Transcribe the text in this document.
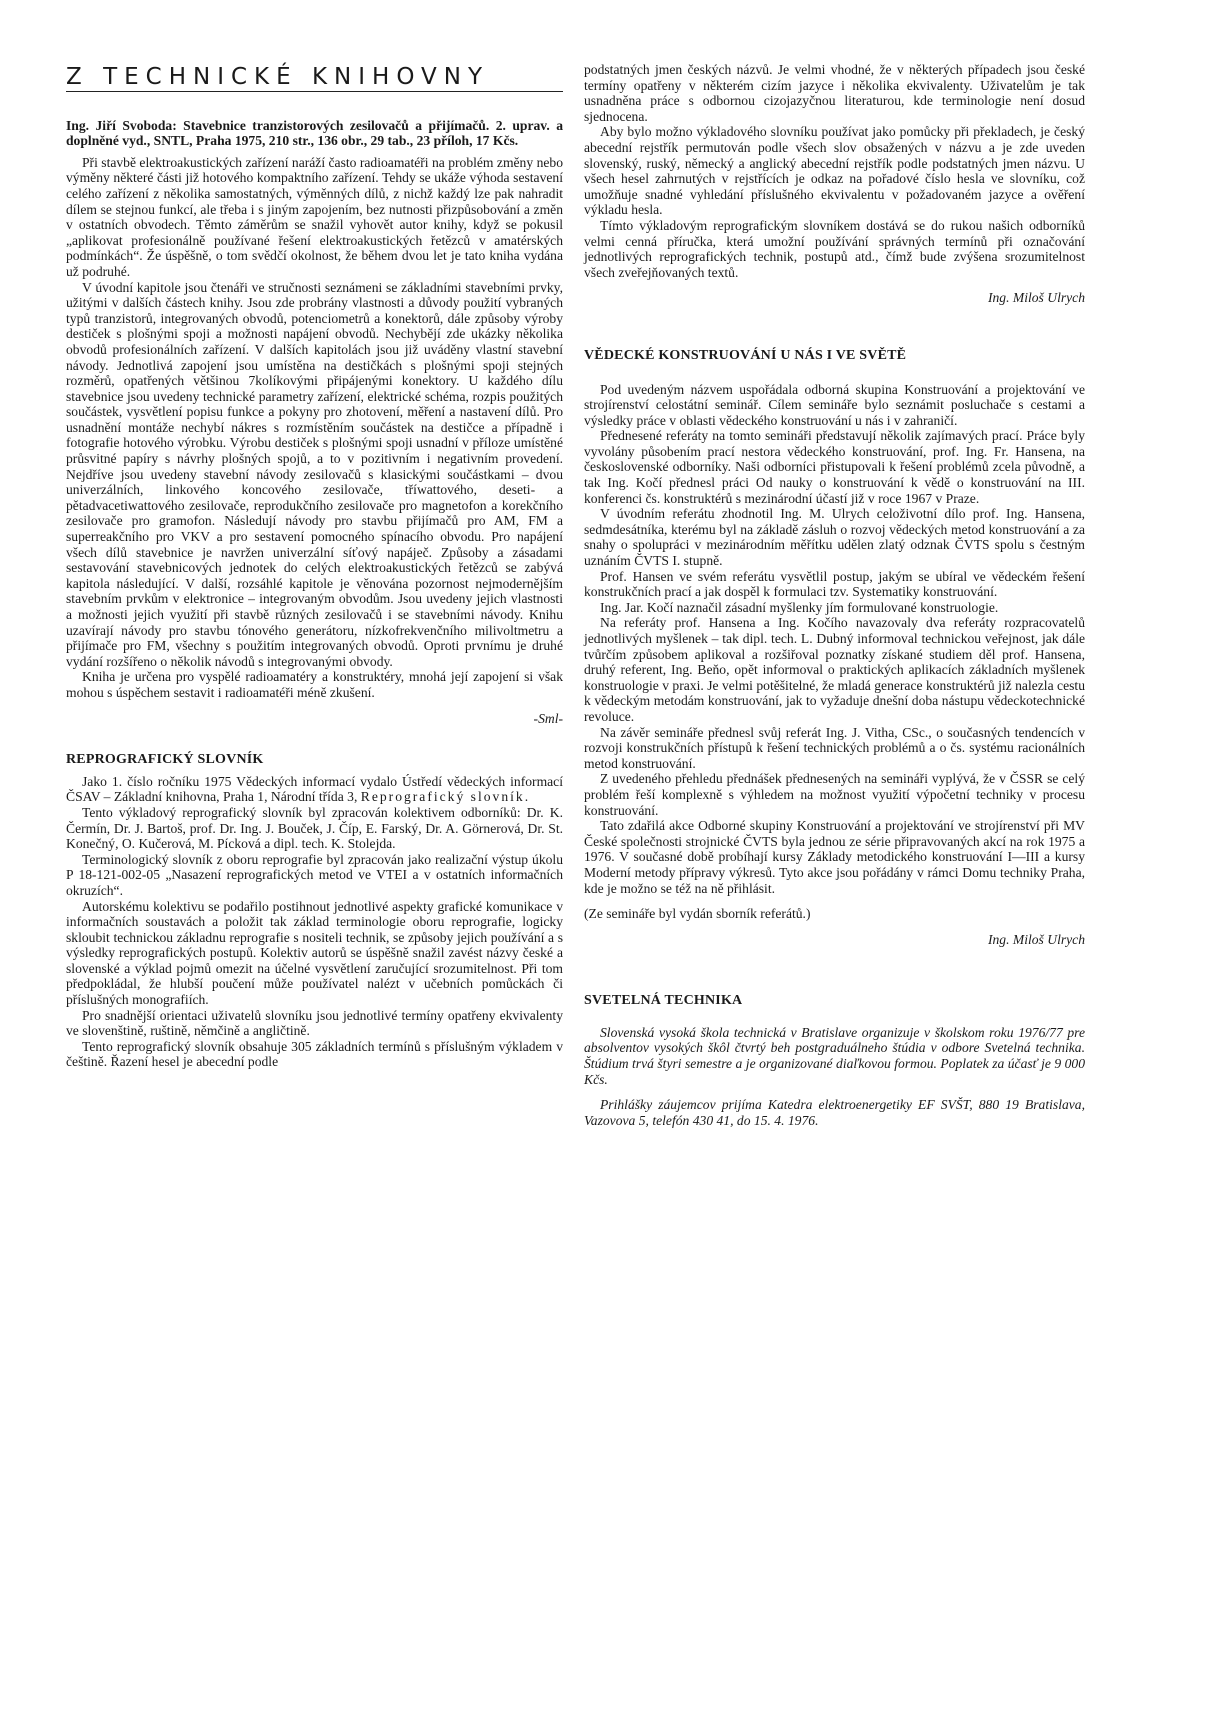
Z TECHNICKÉ KNIHOVNY

Ing. Jiří Svoboda: Stavebnice tranzistorových zesilovačů a přijímačů. 2. uprav. a doplněné vyd., SNTL, Praha 1975, 210 str., 136 obr., 29 tab., 23 příloh, 17 Kčs.

Při stavbě elektroakustických zařízení naráží často radioamatéři na problém změny nebo výměny některé části již hotového kompaktního zařízení. Tehdy se ukáže výhoda sestavení celého zařízení z několika samostatných, výměnných dílů, z nichž každý lze pak nahradit dílem se stejnou funkcí, ale třeba i s jiným zapojením, bez nutnosti přizpůsobování a změn v ostatních obvodech. Těmto záměrům se snažil vyhovět autor knihy, když se pokusil „aplikovat profesionálně používané řešení elektroakustických řetězců v amatérských podmínkách“. Že úspěšně, o tom svědčí okolnost, že během dvou let je tato kniha vydána už podruhé.

V úvodní kapitole jsou čtenáři ve stručnosti seznámeni se základními stavebními prvky, užitými v dalších částech knihy. Jsou zde probrány vlastnosti a důvody použití vybraných typů tranzistorů, integrovaných obvodů, potenciometrů a konektorů, dále způsoby výroby destiček s plošnými spoji a možnosti napájení obvodů. Nechybějí zde ukázky několika obvodů profesionálních zařízení. V dalších kapitolách jsou již uváděny vlastní stavební návody. Jednotlivá zapojení jsou umístěna na destičkách s plošnými spoji stejných rozměrů, opatřených většinou 7kolíkovými připájenými konektory. U každého dílu stavebnice jsou uvedeny technické parametry zařízení, elektrické schéma, rozpis použitých součástek, vysvětlení popisu funkce a pokyny pro zhotovení, měření a nastavení dílů. Pro usnadnění montáže nechybí nákres s rozmístěním součástek na destičce a případně i fotografie hotového výrobku. Výrobu destiček s plošnými spoji usnadní v příloze umístěné průsvitné papíry s návrhy plošných spojů, a to v pozitivním i negativním provedení. Nejdříve jsou uvedeny stavební návody zesilovačů s klasickými součástkami – dvou univerzálních, linkového koncového zesilovače, tříwattového, deseti- a pětadvacetiwattového zesilovače, reprodukčního zesilovače pro magnetofon a korekčního zesilovače pro gramofon. Následují návody pro stavbu přijímačů pro AM, FM a superreakčního pro VKV a pro sestavení pomocného spínacího obvodu. Pro napájení všech dílů stavebnice je navržen univerzální síťový napáječ. Způsoby a zásadami sestavování stavebnicových jednotek do celých elektroakustických řetězců se zabývá kapitola následující. V další, rozsáhlé kapitole je věnována pozornost nejmodernějším stavebním prvkům v elektronice – integrovaným obvodům. Jsou uvedeny jejich vlastnosti a možnosti jejich využití při stavbě různých zesilovačů i se stavebními návody. Knihu uzavírají návody pro stavbu tónového generátoru, nízkofrekvenčního milivoltmetru a přijímače pro FM, všechny s použitím integrovaných obvodů. Oproti prvnímu je druhé vydání rozšířeno o několik návodů s integrovanými obvody.

Kniha je určena pro vyspělé radioamatéry a konstruktéry, mnohá její zapojení si však mohou s úspěchem sestavit i radioamatéři méně zkušení.

-Sml-
REPROGRAFICKÝ SLOVNÍK

Jako 1. číslo ročníku 1975 Vědeckých informací vydalo Ústředí vědeckých informací ČSAV – Základní knihovna, Praha 1, Národní třída 3, Reprografický slovník.

Tento výkladový reprografický slovník byl zpracován kolektivem odborníků: Dr. K. Čermín, Dr. J. Bartoš, prof. Dr. Ing. J. Bouček, J. Číp, E. Farský, Dr. A. Görnerová, Dr. St. Konečný, O. Kučerová, M. Pícková a dipl. tech. K. Stolejda.

Terminologický slovník z oboru reprografie byl zpracován jako realizační výstup úkolu P 18-121-002-05 „Nasazení reprografických metod ve VTEI a v ostatních informačních okruzích“.

Autorskému kolektivu se podařilo postihnout jednotlivé aspekty grafické komunikace v informačních soustavách a položit tak základ terminologie oboru reprografie, logicky skloubit technickou základnu reprografie s nositeli technik, se způsoby jejich používání a s výsledky reprografických postupů. Kolektiv autorů se úspěšně snažil zavést názvy české a slovenské a výklad pojmů omezit na účelné vysvětlení zaručující srozumitelnost. Při tom předpokládal, že hlubší poučení může používatel nalézt v učebních pomůckách či příslušných monografiích.

Pro snadnější orientaci uživatelů slovníku jsou jednotlivé termíny opatřeny ekvivalenty ve slovenštině, ruštině, němčině a angličtině.

Tento reprografický slovník obsahuje 305 základních termínů s příslušným výkladem v češtině. Řazení hesel je abecední podle

podstatných jmen českých názvů. Je velmi vhodné, že v některých případech jsou české termíny opatřeny v některém cizím jazyce i několika ekvivalenty. Uživatelům je tak usnadněna práce s odbornou cizojazyčnou literaturou, kde terminologie není dosud sjednocena.

Aby bylo možno výkladového slovníku používat jako pomůcky při překladech, je český abecední rejstřík permutován podle všech slov obsažených v názvu a je zde uveden slovenský, ruský, německý a anglický abecední rejstřík podle podstatných jmen názvu. U všech hesel zahrnutých v rejstřících je odkaz na pořadové číslo hesla ve slovníku, což umožňuje snadné vyhledání příslušného ekvivalentu v požadovaném jazyce a ověření výkladu hesla.

Tímto výkladovým reprografickým slovníkem dostává se do rukou našich odborníků velmi cenná příručka, která umožní používání správných termínů při označování jednotlivých reprografických technik, postupů atd., čímž bude zvýšena srozumitelnost všech zveřejňovaných textů.

Ing. Miloš Ulrych
VĚDECKÉ KONSTRUOVÁNÍ U NÁS I VE SVĚTĚ

Pod uvedeným názvem uspořádala odborná skupina Konstruování a projektování ve strojírenství celostátní seminář. Cílem semináře bylo seznámit posluchače s cestami a výsledky práce v oblasti vědeckého konstruování u nás i v zahraničí.

Přednesené referáty na tomto semináři představují několik zajímavých prací. Práce byly vyvolány působením prací nestora vědeckého konstruování, prof. Ing. Fr. Hansena, na československé odborníky. Naši odborníci přistupovali k řešení problémů zcela původně, a tak Ing. Kočí přednesl práci Od nauky o konstruování k vědě o konstruování na III. konferenci čs. konstruktérů s mezinárodní účastí již v roce 1967 v Praze.

V úvodním referátu zhodnotil Ing. M. Ulrych celoživotní dílo prof. Ing. Hansena, sedmdesátníka, kterému byl na základě zásluh o rozvoj vědeckých metod konstruování a za snahy o spolupráci v mezinárodním měřítku udělen zlatý odznak ČVTS spolu s čestným uznáním ČVTS I. stupně.

Prof. Hansen ve svém referátu vysvětlil postup, jakým se ubíral ve vědeckém řešení konstrukčních prací a jak dospěl k formulaci tzv. Systematiky konstruování.

Ing. Jar. Kočí naznačil zásadní myšlenky jím formulované konstruologie.

Na referáty prof. Hansena a Ing. Kočího navazovaly dva referáty rozpracovatelů jednotlivých myšlenek – tak dipl. tech. L. Dubný informoval technickou veřejnost, jak dále tvůrčím způsobem aplikoval a rozšiřoval poznatky získané studiem děl prof. Hansena, druhý referent, Ing. Beňo, opět informoval o praktických aplikacích základních myšlenek konstruologie v praxi. Je velmi potěšitelné, že mladá generace konstruktérů již nalezla cestu k vědeckým metodám konstruování, jak to vyžaduje dnešní doba nástupu vědeckotechnické revoluce.

Na závěr semináře přednesl svůj referát Ing. J. Vitha, CSc., o současných tendencích v rozvoji konstrukčních přístupů k řešení technických problémů a o čs. systému racionálních metod konstruování.

Z uvedeného přehledu přednášek přednesených na semináři vyplývá, že v ČSSR se celý problém řeší komplexně s výhledem na možnost využití výpočetní techniky v procesu konstruování.

Tato zdařilá akce Odborné skupiny Konstruování a projektování ve strojírenství při MV České společnosti strojnické ČVTS byla jednou ze série připravovaných akcí na rok 1975 a 1976. V současné době probíhají kursy Základy metodického konstruování I—III a kursy Moderní metody přípravy výkresů. Tyto akce jsou pořádány v rámci Domu techniky Praha, kde je možno se též na ně přihlásit.

(Ze semináře byl vydán sborník referátů.)

Ing. Miloš Ulrych
SVETELNÁ TECHNIKA

Slovenská vysoká škola technická v Bratislave organizuje v školskom roku 1976/77 pre absolventov vysokých škôl čtvrtý beh postgraduálneho štúdia v odbore Svetelná technika. Štúdium trvá štyri semestre a je organizované diaľkovou formou. Poplatek za účasť je 9 000 Kčs.

Prihlášky záujemcov prijíma Katedra elektroenergetiky EF SVŠT, 880 19 Bratislava, Vazovova 5, telefón 430 41, do 15. 4. 1976.
